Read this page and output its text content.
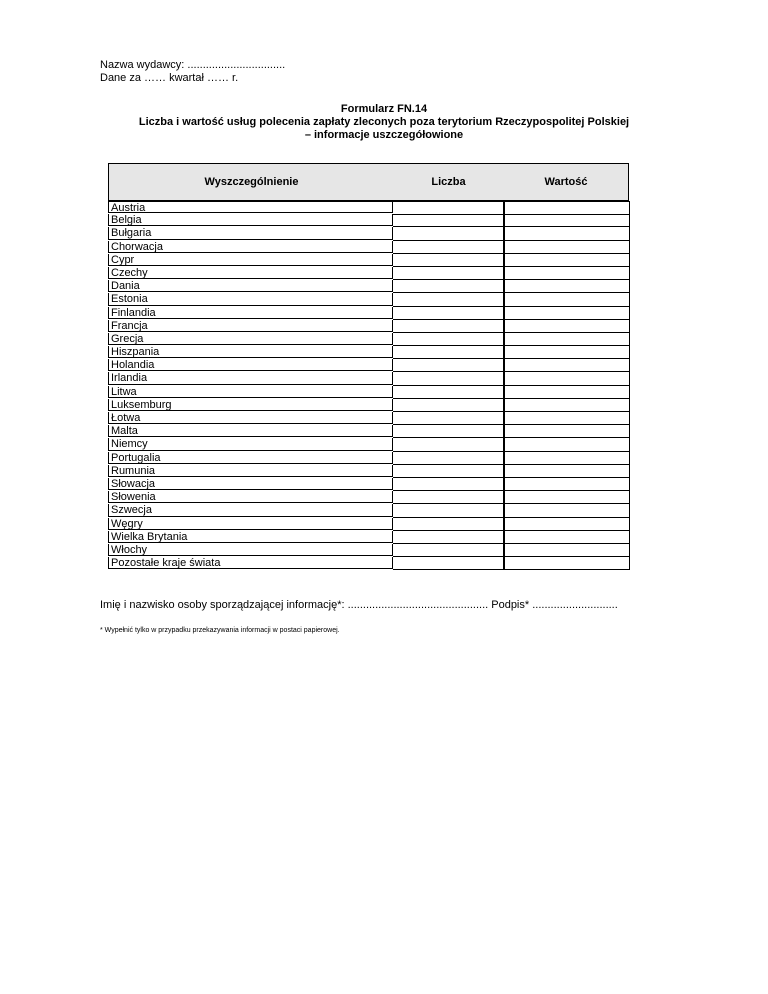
Nazwa wydawcy: ................................
Dane za …… kwartał …… r.
Formularz FN.14
Liczba i wartość usług polecenia zapłaty zleconych poza terytorium Rzeczypospolitej Polskiej
– informacje uszczegółowione
Wyszczególnienie	Liczba	Wartość
Austria
Belgia
Bułgaria
Chorwacja
Cypr
Czechy
Dania
Estonia
Finlandia
Francja
Grecja
Hiszpania
Holandia
Irlandia
Litwa
Luksemburg
Łotwa
Malta
Niemcy
Portugalia
Rumunia
Słowacja
Słowenia
Szwecja
Węgry
Wielka Brytania
Włochy
Pozostałe kraje świata
Imię i nazwisko osoby sporządzającej informację*: .............................................. Podpis* ............................
* Wypełnić tylko w przypadku przekazywania informacji w postaci papierowej.
